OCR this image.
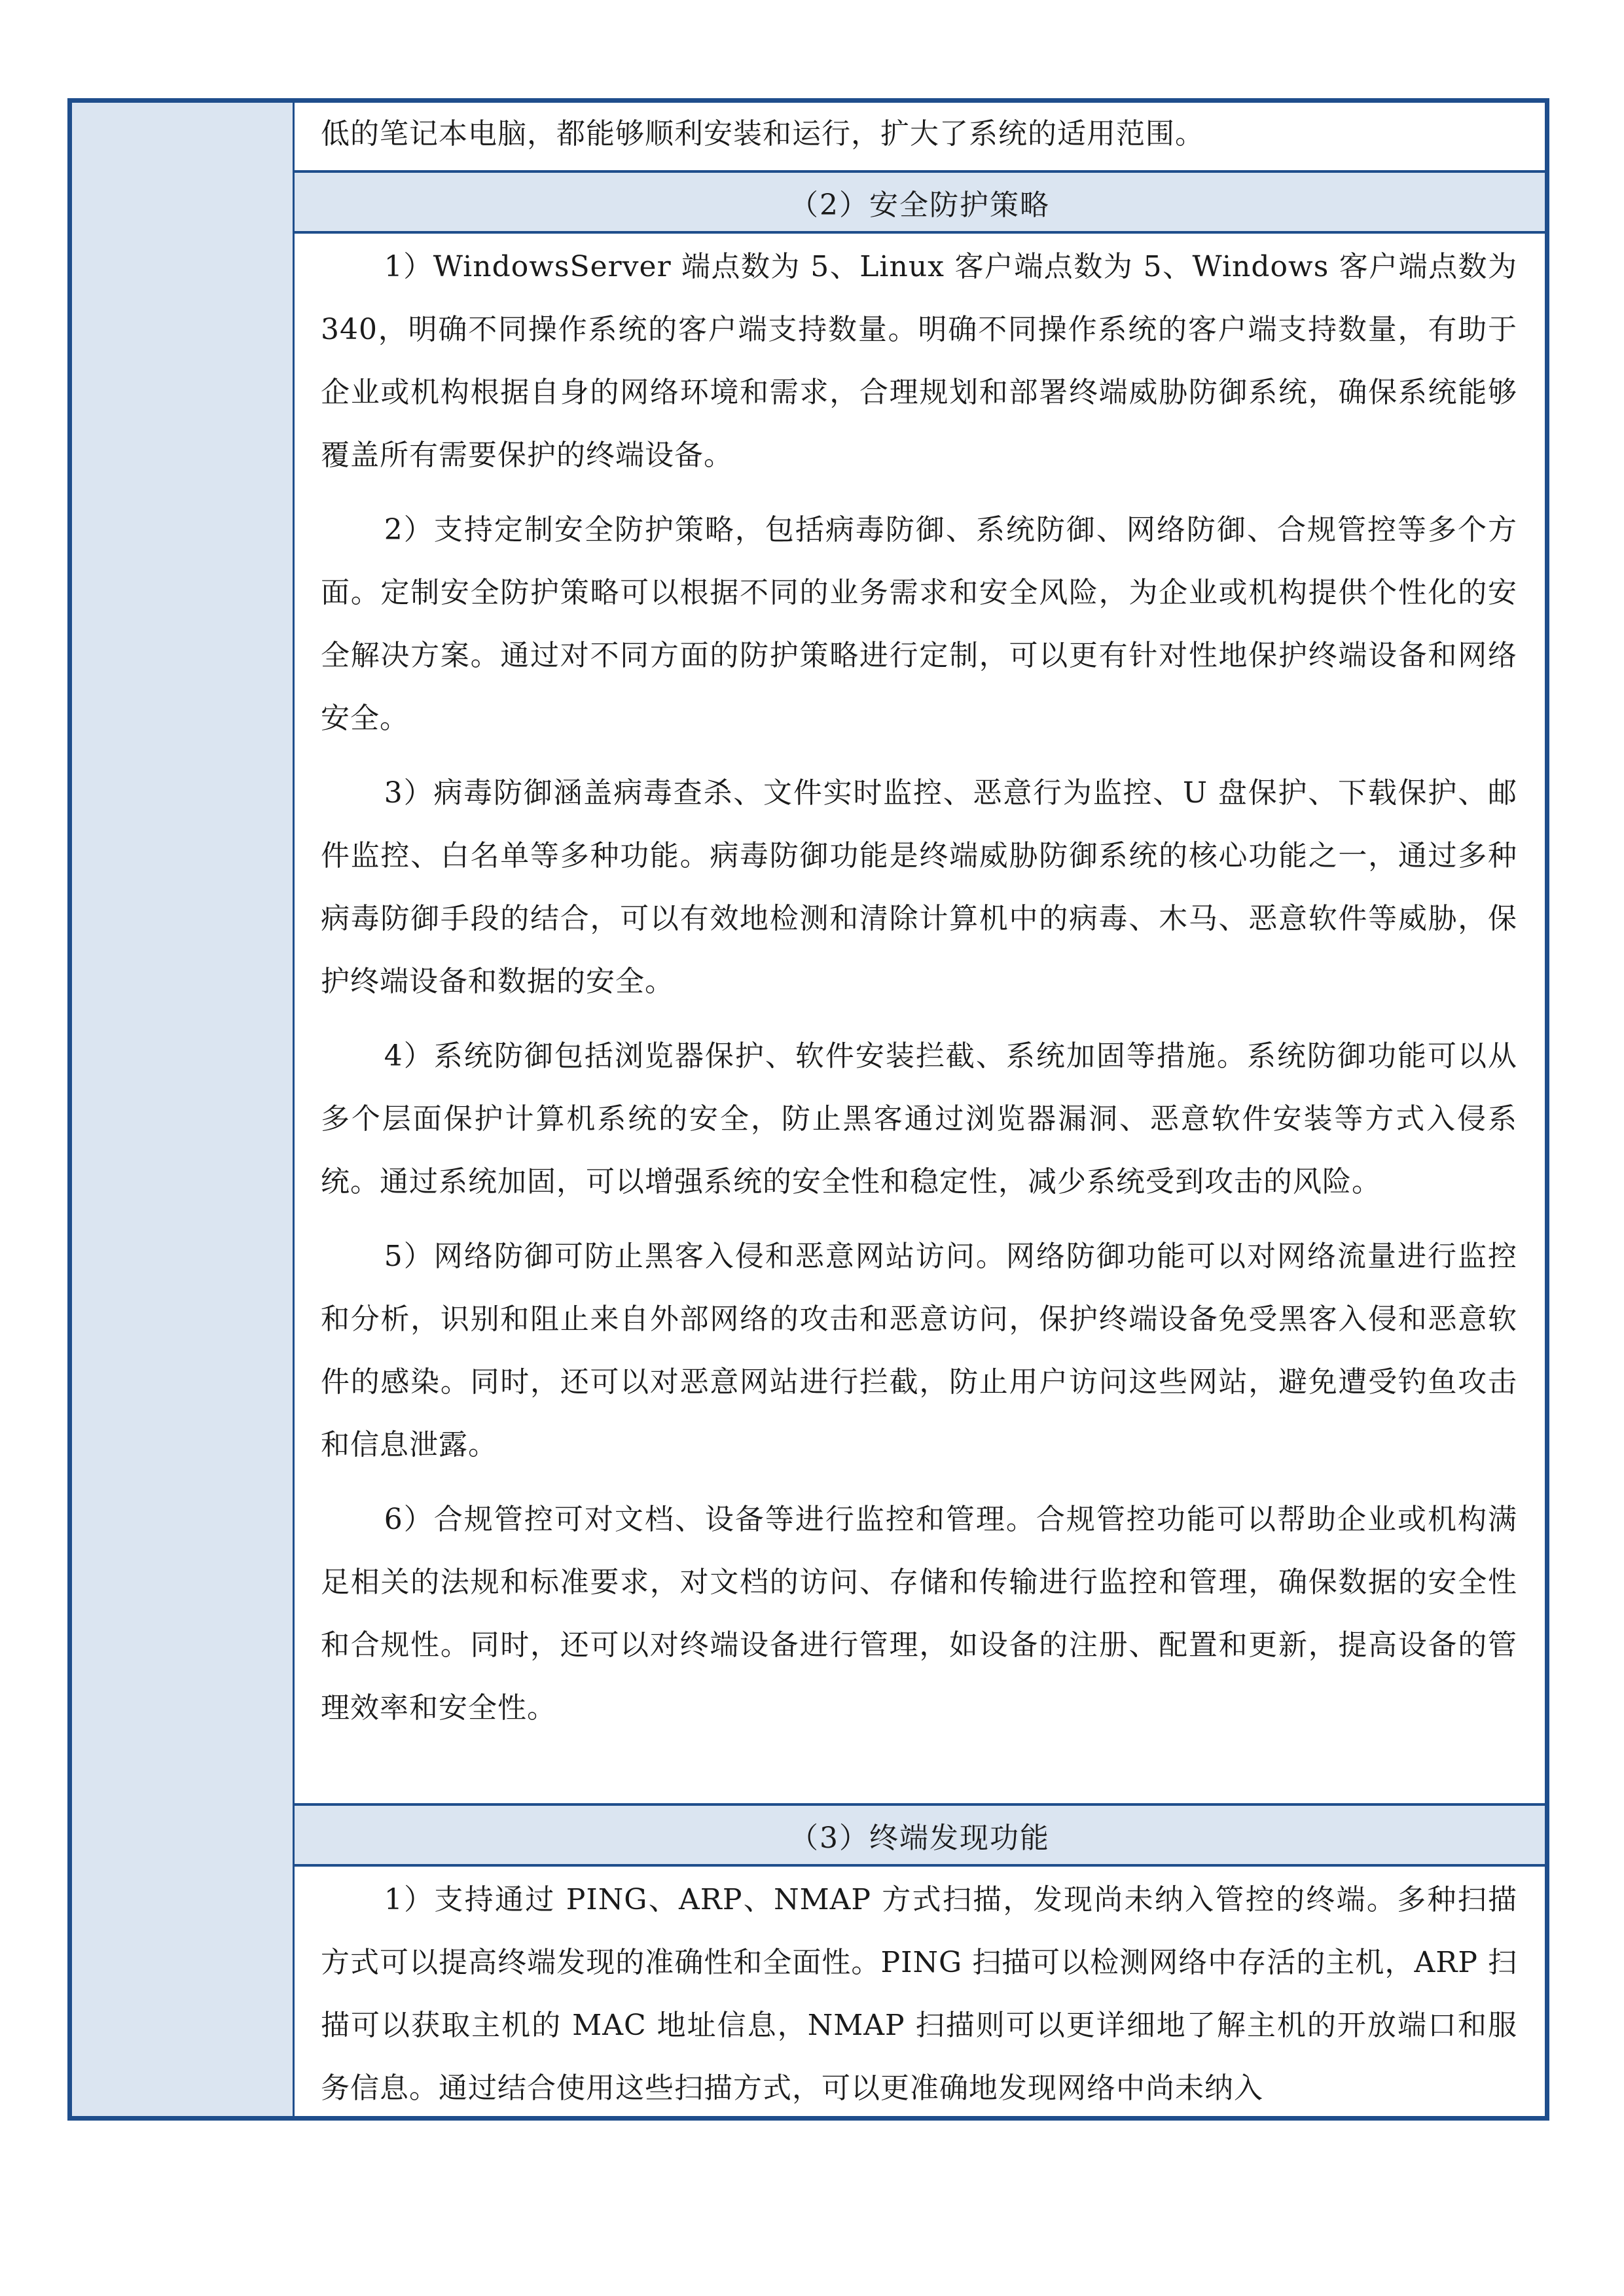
低的笔记本电脑，都能够顺利安装和运行，扩大了系统的适用范围。

（2）安全防护策略

1）WindowsServer 端点数为 5、Linux 客户端点数为 5、Windows 客户端点数为 340，明确不同操作系统的客户端支持数量。明确不同操作系统的客户端支持数量，有助于企业或机构根据自身的网络环境和需求，合理规划和部署终端威胁防御系统，确保系统能够覆盖所有需要保护的终端设备。

2）支持定制安全防护策略，包括病毒防御、系统防御、网络防御、合规管控等多个方面。定制安全防护策略可以根据不同的业务需求和安全风险，为企业或机构提供个性化的安全解决方案。通过对不同方面的防护策略进行定制，可以更有针对性地保护终端设备和网络安全。

3）病毒防御涵盖病毒查杀、文件实时监控、恶意行为监控、U 盘保护、下载保护、邮件监控、白名单等多种功能。病毒防御功能是终端威胁防御系统的核心功能之一，通过多种病毒防御手段的结合，可以有效地检测和清除计算机中的病毒、木马、恶意软件等威胁，保护终端设备和数据的安全。

4）系统防御包括浏览器保护、软件安装拦截、系统加固等措施。系统防御功能可以从多个层面保护计算机系统的安全，防止黑客通过浏览器漏洞、恶意软件安装等方式入侵系统。通过系统加固，可以增强系统的安全性和稳定性，减少系统受到攻击的风险。

5）网络防御可防止黑客入侵和恶意网站访问。网络防御功能可以对网络流量进行监控和分析，识别和阻止来自外部网络的攻击和恶意访问，保护终端设备免受黑客入侵和恶意软件的感染。同时，还可以对恶意网站进行拦截，防止用户访问这些网站，避免遭受钓鱼攻击和信息泄露。

6）合规管控可对文档、设备等进行监控和管理。合规管控功能可以帮助企业或机构满足相关的法规和标准要求，对文档的访问、存储和传输进行监控和管理，确保数据的安全性和合规性。同时，还可以对终端设备进行管理，如设备的注册、配置和更新，提高设备的管理效率和安全性。

（3）终端发现功能

1）支持通过 PING、ARP、NMAP 方式扫描，发现尚未纳入管控的终端。多种扫描方式可以提高终端发现的准确性和全面性。PING 扫描可以检测网络中存活的主机，ARP 扫描可以获取主机的 MAC 地址信息，NMAP 扫描则可以更详细地了解主机的开放端口和服务信息。通过结合使用这些扫描方式，可以更准确地发现网络中尚未纳入
